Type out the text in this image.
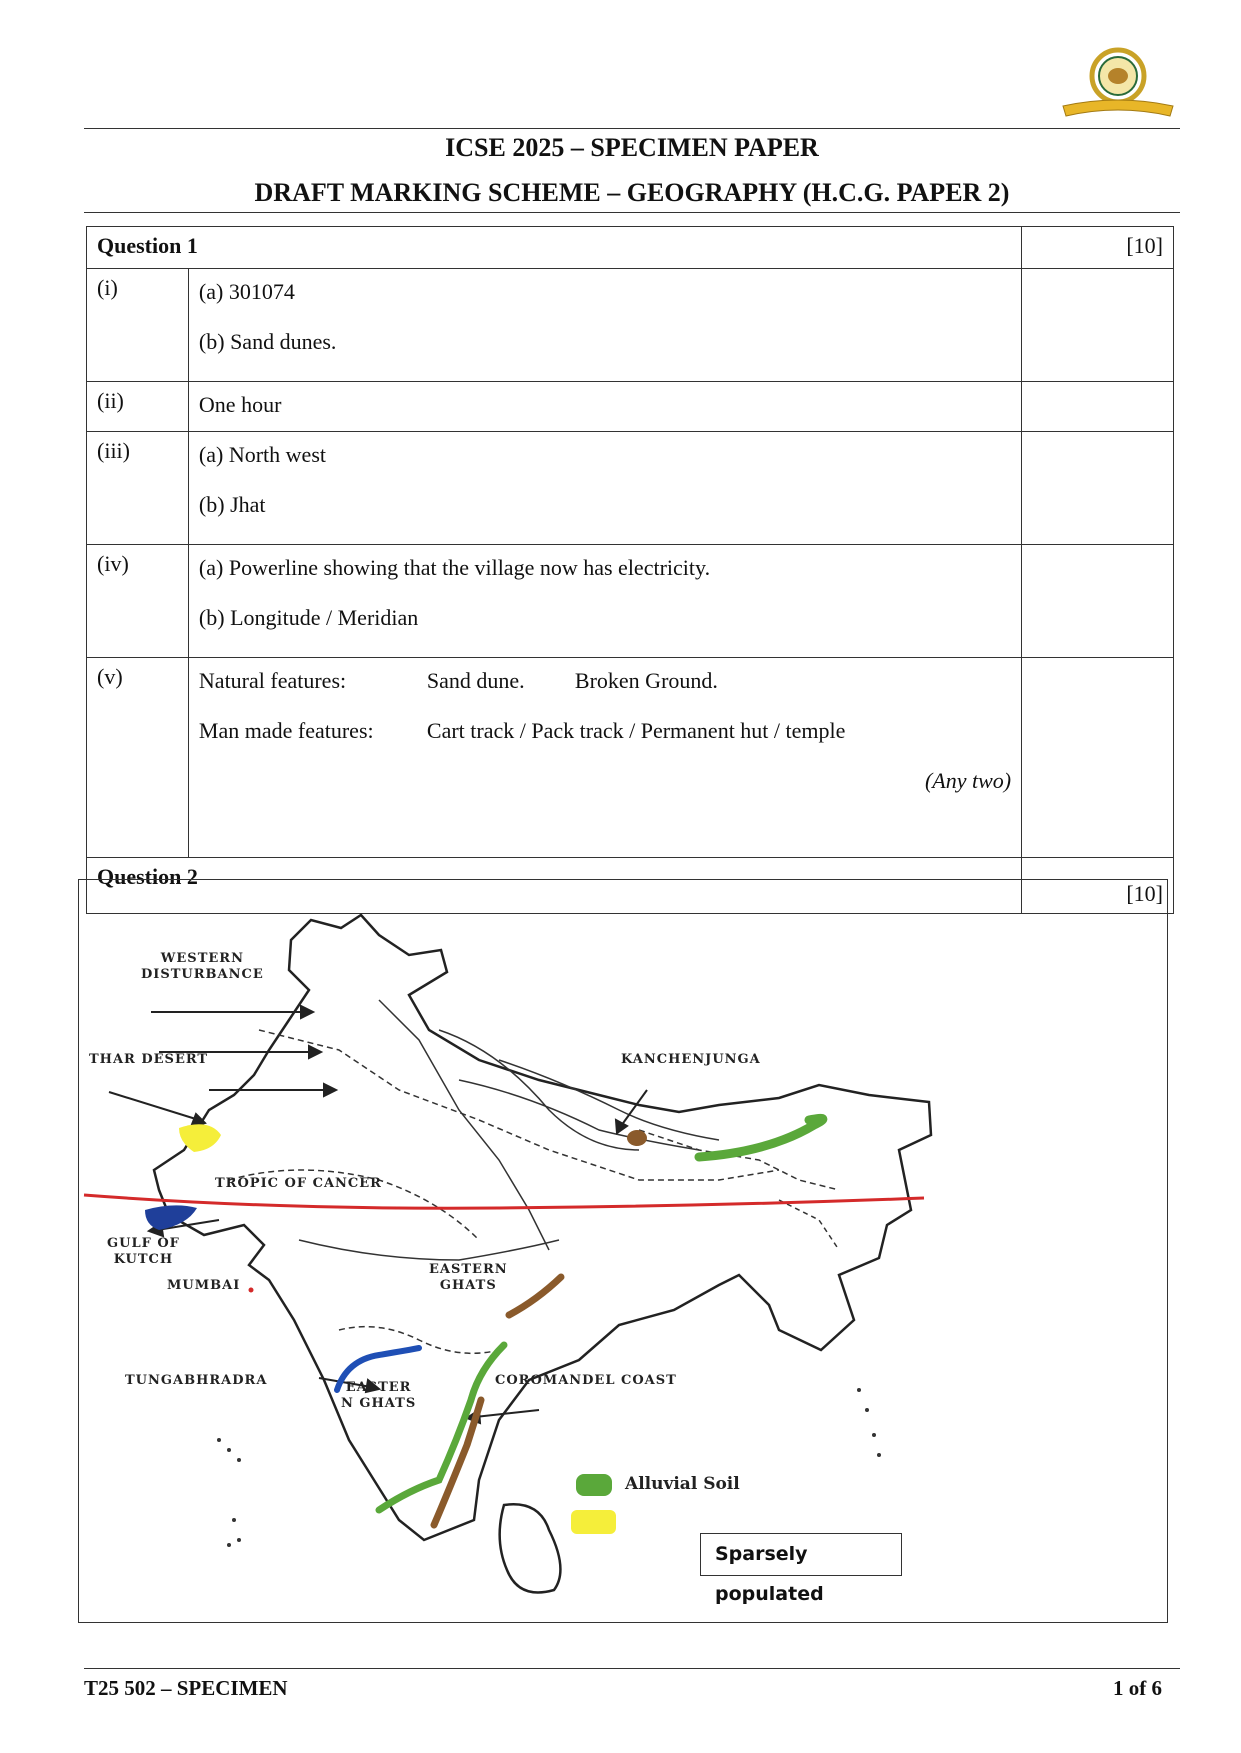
ICSE 2025 – SPECIMEN PAPER
DRAFT MARKING SCHEME – GEOGRAPHY (H.C.G. PAPER 2)
Question 1		[10]
(i)	(a) 301074
(b) Sand dunes.	

(ii)	One hour	

(iii)	(a) North west
(b) Jhat	

(iv)	(a) Powerline showing that the village now has electricity.
(b) Longitude / Meridian	

(v)	Natural features: Sand dune. Broken Ground.
Man made features: Cart track / Pack track / Permanent hut / temple
(Any two)	

Question 2		[10]
WESTERN
DISTURBANCE
THAR DESERT
TROPIC OF CANCER
GULF OF
KUTCH
MUMBAI
TUNGABHRADRA
EASTERN
GHATS
EASTER
N GHATS
COROMANDEL COAST
KANCHENJUNGA
Alluvial Soil
Sparsely populated
T25 502 – SPECIMEN	1 of 6
